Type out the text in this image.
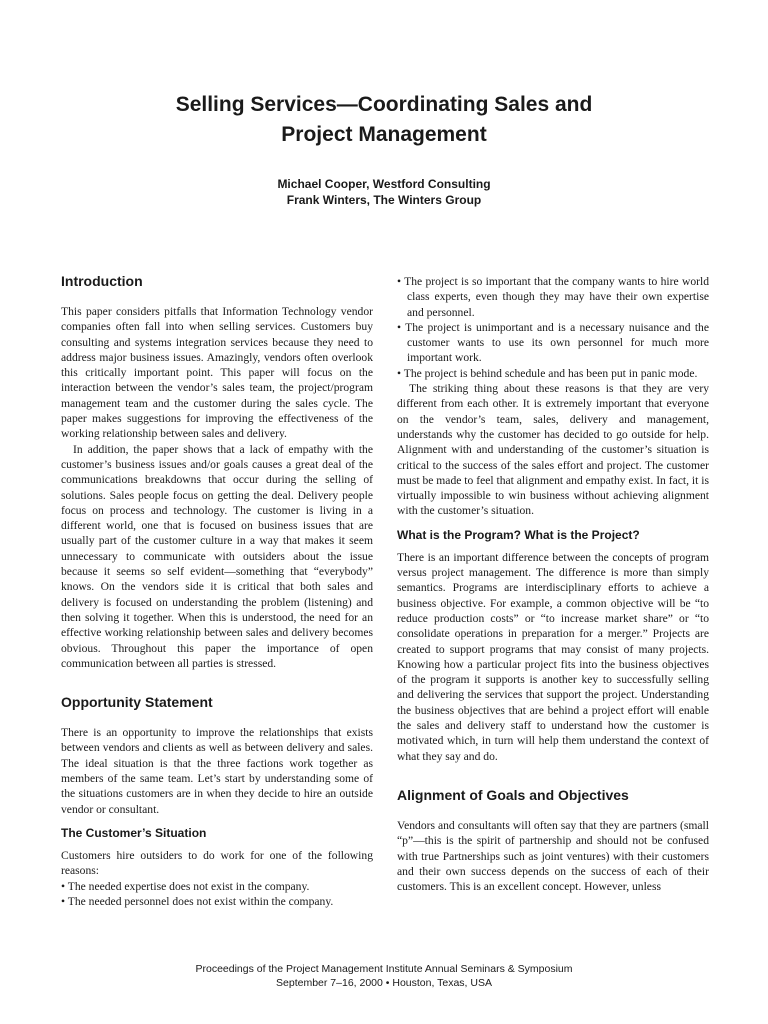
Selling Services—Coordinating Sales and
Project Management
Michael Cooper, Westford Consulting
Frank Winters, The Winters Group
Introduction

This paper considers pitfalls that Information Technology vendor companies often fall into when selling services. Customers buy consulting and systems integration services because they need to address major business issues. Amazingly, vendors often overlook this critically important point. This paper will focus on the interaction between the vendor’s sales team, the project/program management team and the customer during the sales cycle. The paper makes suggestions for improving the effectiveness of the working relationship between sales and delivery.

In addition, the paper shows that a lack of empathy with the customer’s business issues and/or goals causes a great deal of the communications breakdowns that occur during the selling of solutions. Sales people focus on getting the deal. Delivery people focus on process and technology. The customer is living in a different world, one that is focused on business issues that are usually part of the customer culture in a way that makes it seem unnecessary to communicate with outsiders about the issue because it seems so self evident—something that “everybody” knows. On the vendors side it is critical that both sales and delivery is focused on understanding the problem (listening) and then solving it together. When this is understood, the need for an effective working relationship between sales and delivery becomes obvious. Throughout this paper the importance of open communication between all parties is stressed.

Opportunity Statement

There is an opportunity to improve the relationships that exists between vendors and clients as well as between delivery and sales. The ideal situation is that the three factions work together as members of the same team. Let’s start by understanding some of the situations customers are in when they decide to hire an outside vendor or consultant.

The Customer’s Situation

Customers hire outsiders to do work for one of the following reasons:

• The needed expertise does not exist in the company.

• The needed personnel does not exist within the company.

• The project is so important that the company wants to hire world class experts, even though they may have their own expertise and personnel.

• The project is unimportant and is a necessary nuisance and the customer wants to use its own personnel for much more important work.

• The project is behind schedule and has been put in panic mode.

The striking thing about these reasons is that they are very different from each other. It is extremely important that everyone on the vendor’s team, sales, delivery and management, understands why the customer has decided to go outside for help. Alignment with and understanding of the customer’s situation is critical to the success of the sales effort and project. The customer must be made to feel that alignment and empathy exist. In fact, it is virtually impossible to win business without achieving alignment with the customer’s situation.

What is the Program? What is the Project?

There is an important difference between the concepts of program versus project management. The difference is more than simply semantics. Programs are interdisciplinary efforts to achieve a business objective. For example, a common objective will be “to reduce production costs” or “to increase market share” or “to consolidate operations in preparation for a merger.” Projects are created to support programs that may consist of many projects. Knowing how a particular project fits into the business objectives of the program it supports is another key to successfully selling and delivering the services that support the project. Understanding the business objectives that are behind a project effort will enable the sales and delivery staff to understand how the customer is motivated which, in turn will help them understand the context of what they say and do.

Alignment of Goals and Objectives

Vendors and consultants will often say that they are partners (small “p”—this is the spirit of partnership and should not be confused with true Partnerships such as joint ventures) with their customers and their own success depends on the success of each of their customers. This is an excellent concept. However, unless

Proceedings of the Project Management Institute Annual Seminars & Symposium
September 7–16, 2000 • Houston, Texas, USA
